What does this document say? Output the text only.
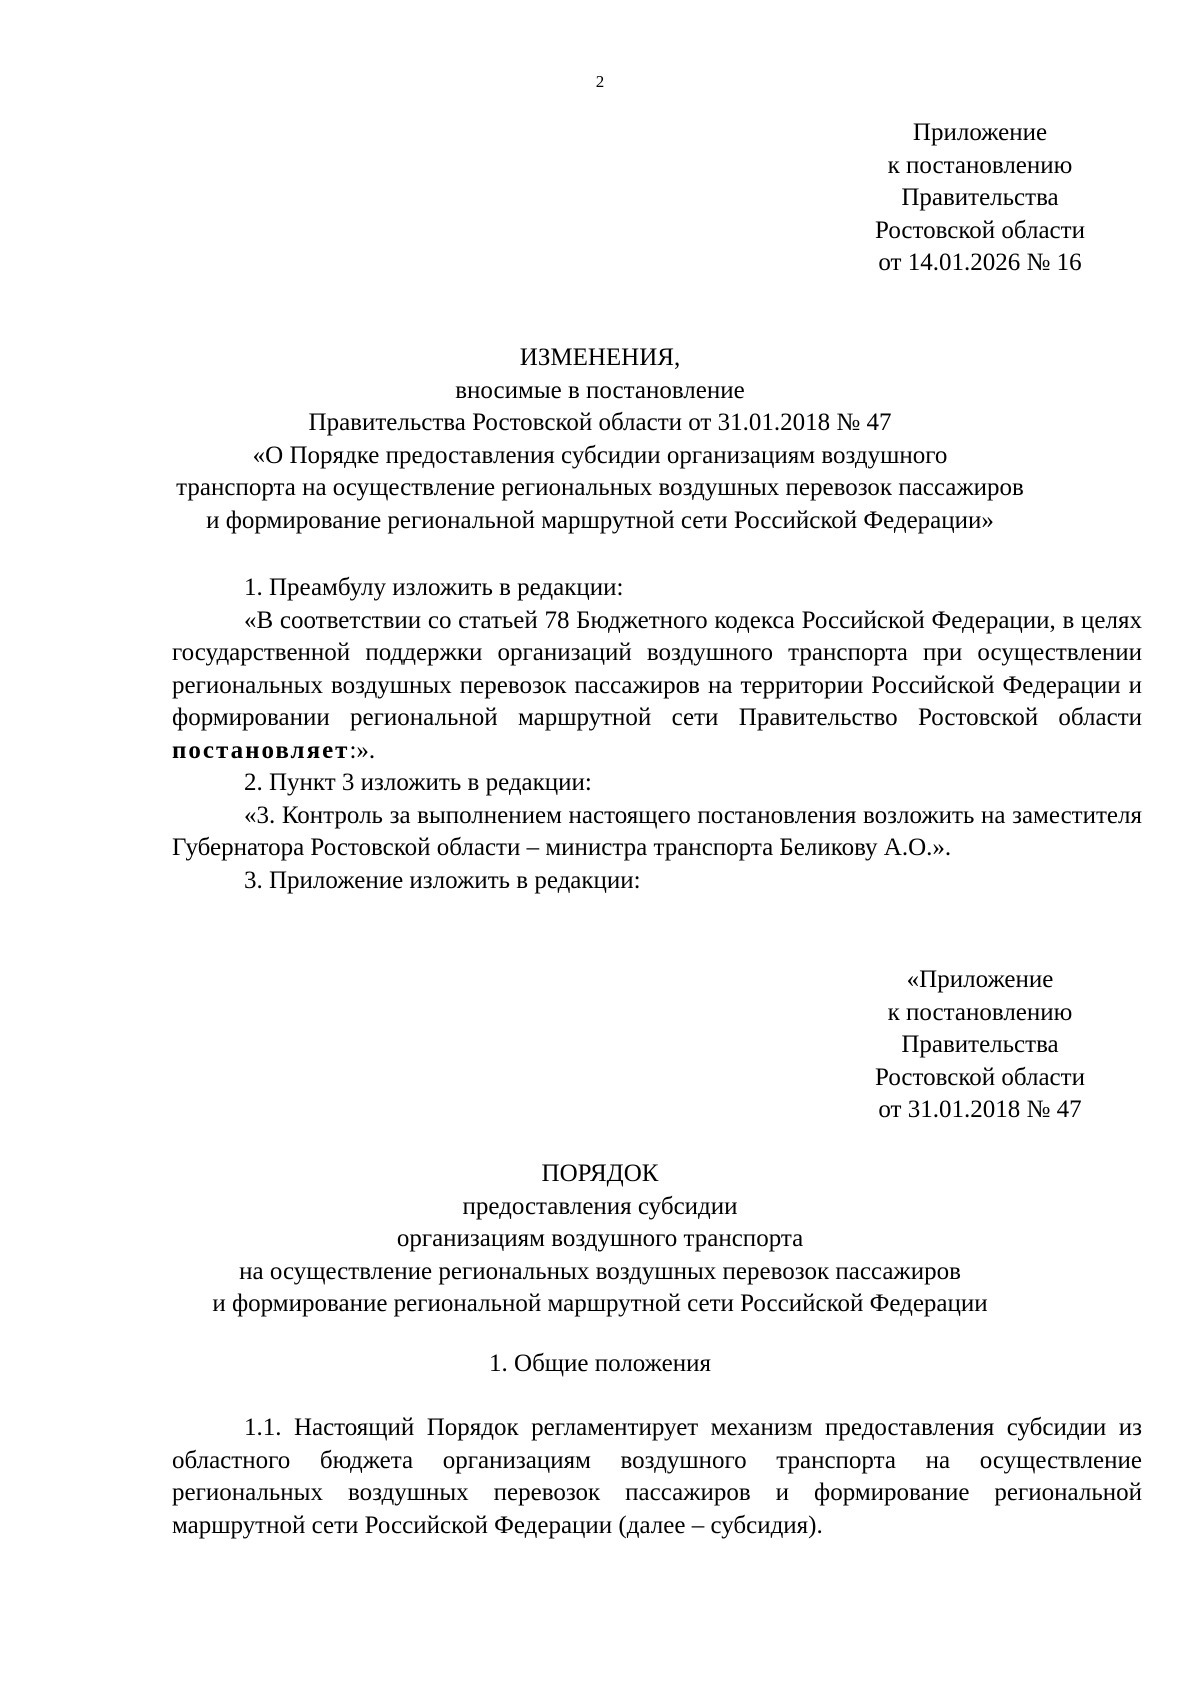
2
Приложение
к постановлению
Правительства
Ростовской области
от 14.01.2026 № 16
ИЗМЕНЕНИЯ,
вносимые в постановление
Правительства Ростовской области от 31.01.2018 № 47
«О Порядке предоставления субсидии организациям воздушного
транспорта на осуществление региональных воздушных перевозок пассажиров
и формирование региональной маршрутной сети Российской Федерации»

1. Преамбулу изложить в редакции:

«В соответствии со статьей 78 Бюджетного кодекса Российской Федерации, в целях государственной поддержки организаций воздушного транспорта при осуществлении региональных воздушных перевозок пассажиров на территории Российской Федерации и формировании региональной маршрутной сети Правительство Ростовской области постановляет:».

2. Пункт 3 изложить в редакции:

«3. Контроль за выполнением настоящего постановления возложить на заместителя Губернатора Ростовской области – министра транспорта Беликову А.О.».

3. Приложение изложить в редакции:

«Приложение
к постановлению
Правительства
Ростовской области
от 31.01.2018 № 47
ПОРЯДОК
предоставления субсидии
организациям воздушного транспорта
на осуществление региональных воздушных перевозок пассажиров
и формирование региональной маршрутной сети Российской Федерации
1. Общие положения

1.1. Настоящий Порядок регламентирует механизм предоставления субсидии из областного бюджета организациям воздушного транспорта на осуществление региональных воздушных перевозок пассажиров и формирование региональной маршрутной сети Российской Федерации (далее – субсидия).
